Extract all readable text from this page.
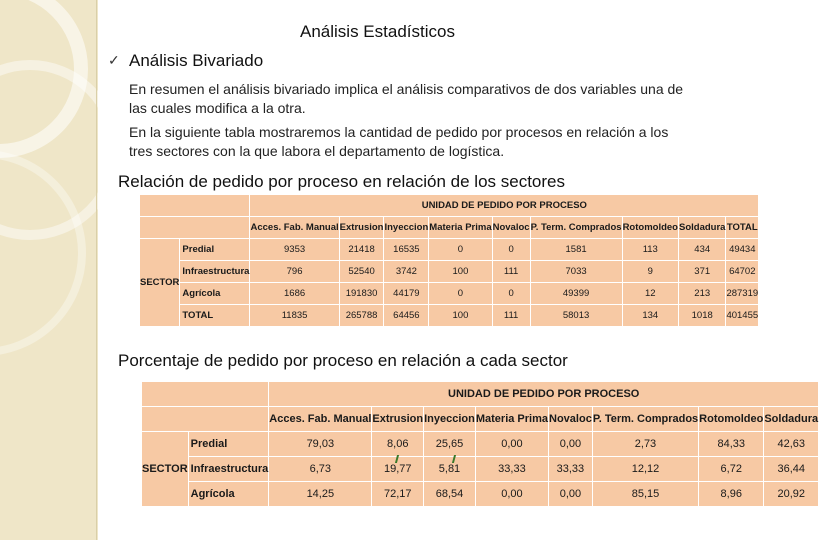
Análisis Estadísticos
✓ Análisis Bivariado
En resumen el análisis bivariado implica el análisis comparativos de dos variables una de las cuales modifica a la otra.
En la siguiente tabla mostraremos la cantidad de pedido por procesos en relación a los tres sectores con la que labora el departamento de logística.
Relación de pedido por proceso en relación de los sectores
		UNIDAD DE PEDIDO POR PROCESO								
		Acces. Fab. Manual	Extrusion	Inyeccion	Materia Prima	Novaloc	P. Term. Comprados	Rotomoldeo	Soldadura	TOTAL
SECTOR	Predial	9353	21418	16535	0	0	1581	113	434	49434
	Infraestructura	796	52540	3742	100	111	7033	9	371	64702
	Agrícola	1686	191830	44179	0	0	49399	12	213	287319
	TOTAL	11835	265788	64456	100	111	58013	134	1018	401455
Porcentaje de pedido por proceso en relación a cada sector
		UNIDAD DE PEDIDO POR PROCESO							
		Acces. Fab. Manual	Extrusion	Inyeccion	Materia Prima	Novaloc	P. Term. Comprados	Rotomoldeo	Soldadura
SECTOR	Predial	79,03	8,06	25,65	0,00	0,00	2,73	84,33	42,63
	Infraestructura	6,73	19,77	5,81	33,33	33,33	12,12	6,72	36,44
	Agrícola	14,25	72,17	68,54	0,00	0,00	85,15	8,96	20,92
